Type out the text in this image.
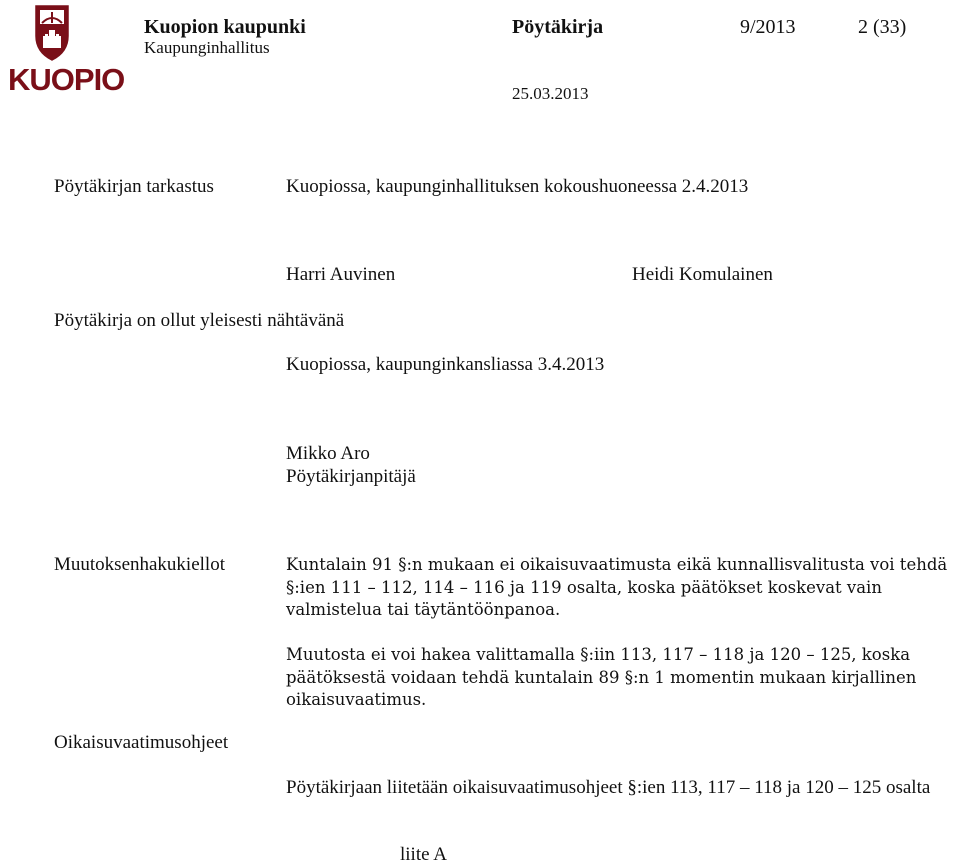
KUOPIO
Kuopion kaupunki
Kaupunginhallitus
Pöytäkirja	9/2013	2 (33)
25.03.2013
Pöytäkirjan tarkastus	Kuopiossa, kaupunginhallituksen kokoushuoneessa 2.4.2013
Harri Auvinen	Heidi Komulainen
Pöytäkirja on ollut yleisesti nähtävänä
Kuopiossa, kaupunginkansliassa 3.4.2013
Mikko Aro
Pöytäkirjanpitäjä
Muutoksenhakukiellot	Kuntalain 91 §:n mukaan ei oikaisuvaatimusta eikä kunnallisvalitusta voi tehdä §:ien 111 – 112, 114 – 116 ja 119 osalta, koska päätökset koskevat vain valmistelua tai täytäntöönpanoa.
Muutosta ei voi hakea valittamalla §:iin 113, 117 – 118 ja 120 – 125, koska päätöksestä voidaan tehdä kuntalain 89 §:n 1 momentin mukaan kirjallinen oikaisuvaatimus.
Oikaisuvaatimusohjeet
Pöytäkirjaan liitetään oikaisuvaatimusohjeet §:ien 113, 117 – 118 ja 120 – 125 osalta
liite A
